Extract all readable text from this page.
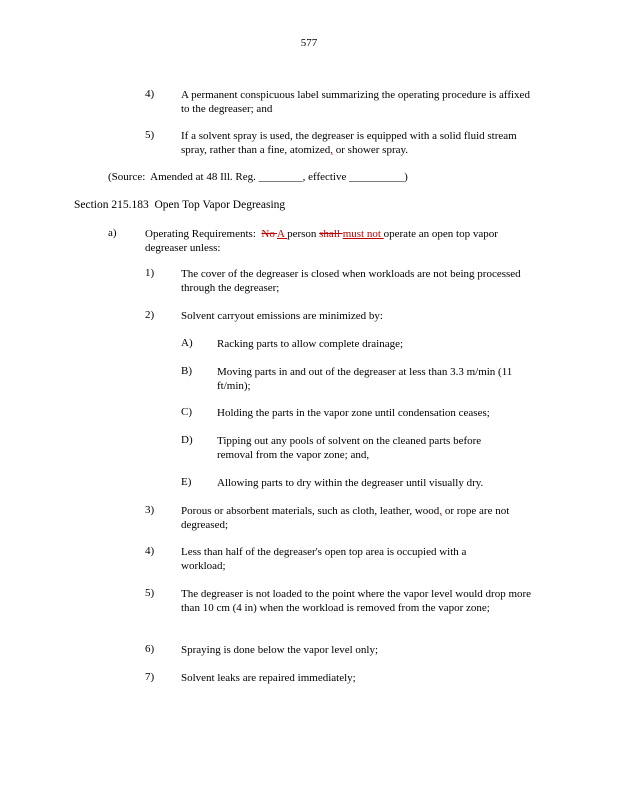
577
4) A permanent conspicuous label summarizing the operating procedure is affixed to the degreaser; and
5) If a solvent spray is used, the degreaser is equipped with a solid fluid stream spray, rather than a fine, atomized, or shower spray.
(Source:  Amended at 48 Ill. Reg. ________, effective __________)
Section 215.183  Open Top Vapor Degreasing
a)	Operating Requirements:  No A person shall must not operate an open top vapor degreaser unless:
1) The cover of the degreaser is closed when workloads are not being processed through the degreaser;
2) Solvent carryout emissions are minimized by:
A) Racking parts to allow complete drainage;
B) Moving parts in and out of the degreaser at less than 3.3 m/min (11 ft/min);
C) Holding the parts in the vapor zone until condensation ceases;
D) Tipping out any pools of solvent on the cleaned parts before removal from the vapor zone; and,
E) Allowing parts to dry within the degreaser until visually dry.
3) Porous or absorbent materials, such as cloth, leather, wood, or rope are not degreased;
4) Less than half of the degreaser's open top area is occupied with a workload;
5) The degreaser is not loaded to the point where the vapor level would drop more than 10 cm (4 in) when the workload is removed from the vapor zone;
6) Spraying is done below the vapor level only;
7) Solvent leaks are repaired immediately;
